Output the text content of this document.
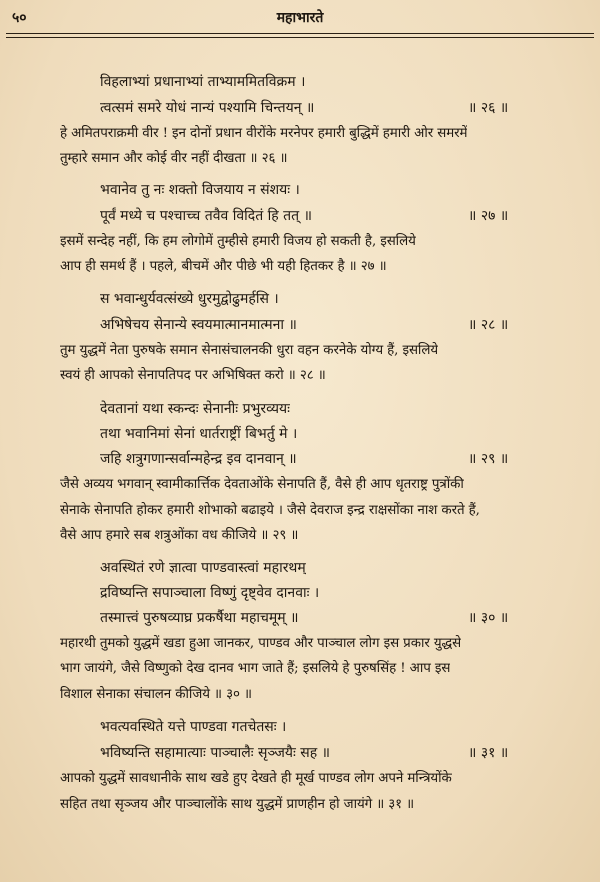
५०	महाभारते
विहलाभ्यां प्रधानाभ्यां ताभ्याममितविक्रम ।
त्वत्समं समरे योधं नान्यं पश्यामि चिन्तयन् ॥	॥ २६ ॥
हे अमितपराक्रमी वीर ! इन दोनों प्रधान वीरोंके मरनेपर हमारी बुद्धिमें हमारी ओर समरमें
तुम्हारे समान और कोई वीर नहीं दीखता ॥ २६ ॥
भवानेव तु नः शक्तो विजयाय न संशयः ।
पूर्वं मध्ये च पश्चाच्च तवैव विदितं हि तत् ॥	॥ २७ ॥
इसमें सन्देह नहीं, कि हम लोगोमें तुम्हीसे हमारी विजय हो सकती है, इसलिये
आप ही समर्थ हैं । पहले, बीचमें और पीछे भी यही हितकर है ॥ २७ ॥
स भवान्धुर्यवत्संख्ये धुरमुद्वोढुमर्हसि ।
अभिषेचय सेनान्ये स्वयमात्मानमात्मना ॥	॥ २८ ॥
तुम युद्धमें नेता पुरुषके समान सेनासंचालनकी धुरा वहन करनेके योग्य हैं, इसलिये
स्वयं ही आपको सेनापतिपद पर अभिषिक्त करो ॥ २८ ॥
देवतानां यथा स्कन्दः सेनानीः प्रभुरव्ययः
तथा भवानिमां सेनां धार्तराष्ट्रीं बिभर्तु मे ।
जहि शत्रुगणान्सर्वान्महेन्द्र इव दानवान् ॥	॥ २९ ॥
जैसे अव्यय भगवान् स्वामीकार्त्तिक देवताओंके सेनापति हैं, वैसे ही आप धृतराष्ट्र पुत्रोंकी
सेनाके सेनापति होकर हमारी शोभाको बढाइये । जैसे देवराज इन्द्र राक्षसोंका नाश करते हैं,
वैसे आप हमारे सब शत्रुओंका वध कीजिये ॥ २९ ॥
अवस्थितं रणे ज्ञात्वा पाण्डवास्त्वां महारथम्
द्रविष्यन्ति सपाञ्चाला विष्णुं दृष्ट्वेव दानवाः ।
तस्मात्त्वं पुरुषव्याघ्र प्रकर्षैथा महाचमूम् ॥	॥ ३० ॥
महारथी तुमको युद्धमें खडा हुआ जानकर, पाण्डव और पाञ्चाल लोग इस प्रकार युद्धसे
भाग जायंगे, जैसे विष्णुको देख दानव भाग जाते हैं; इसलिये हे पुरुषसिंह ! आप इस
विशाल सेनाका संचालन कीजिये ॥ ३० ॥
भवत्यवस्थिते यत्ते पाण्डवा गतचेतसः ।
भविष्यन्ति सहामात्याः पाञ्चालैः सृञ्जयैः सह ॥	॥ ३१ ॥
आपको युद्धमें सावधानीके साथ खडे हुए देखते ही मूर्ख पाण्डव लोग अपने मन्त्रियोंके
सहित तथा सृञ्जय और पाञ्चालोंके साथ युद्धमें प्राणहीन हो जायंगे ॥ ३१ ॥
